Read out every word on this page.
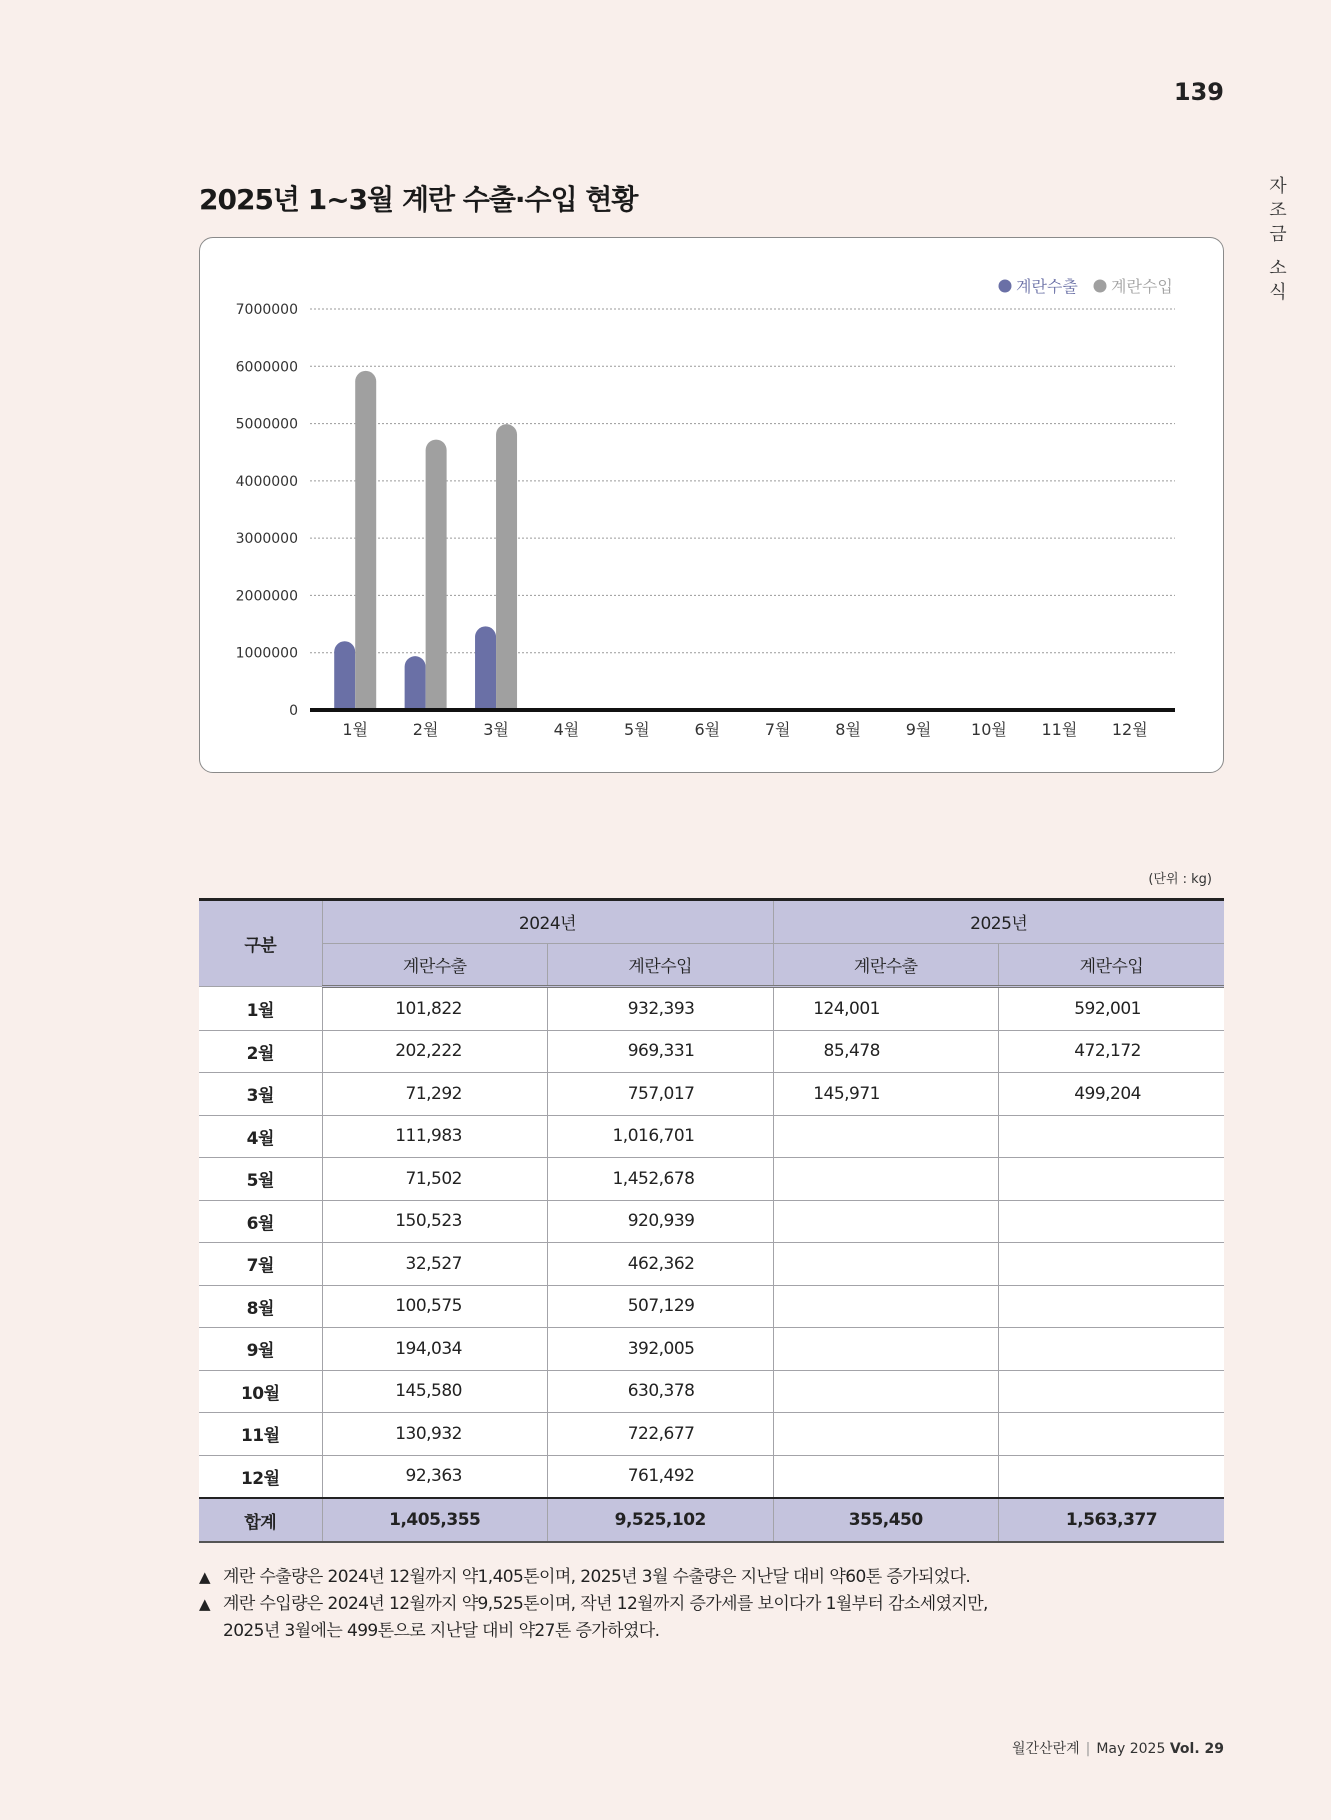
139
자
조
금
소
식
2025년 1~3월 계란 수출·수입 현황
0
1000000
2000000
3000000
4000000
5000000
6000000
7000000
1월	2월	3월	4월	5월	6월	7월	8월	9월 10월 11월 12월
계란수출 계란수입
(단위 : kg)
구분	2024년		2025년	
	계란수출	계란수입	계란수출	계란수입
1월	101,822	932,393	124,001	592,001
2월	202,222	969,331	85,478	472,172
3월	71,292	757,017	145,971	499,204
4월	111,983	1,016,701		
5월	71,502	1,452,678		
6월	150,523	920,939		
7월	32,527	462,362		
8월	100,575	507,129		
9월	194,034	392,005		
10월	145,580	630,378		
11월	130,932	722,677		
12월	92,363	761,492		
합계	1,405,355	9,525,102	355,450	1,563,377
▲ 계란 수출량은 2024년 12월까지 약1,405톤이며, 2025년 3월 수출량은 지난달 대비 약60톤 증가되었다.
▲ 계란 수입량은 2024년 12월까지 약9,525톤이며, 작년 12월까지 증가세를 보이다가 1월부터 감소세였지만,
2025년 3월에는 499톤으로 지난달 대비 약27톤 증가하였다.
월간산란계 | May 2025 Vol. 29
